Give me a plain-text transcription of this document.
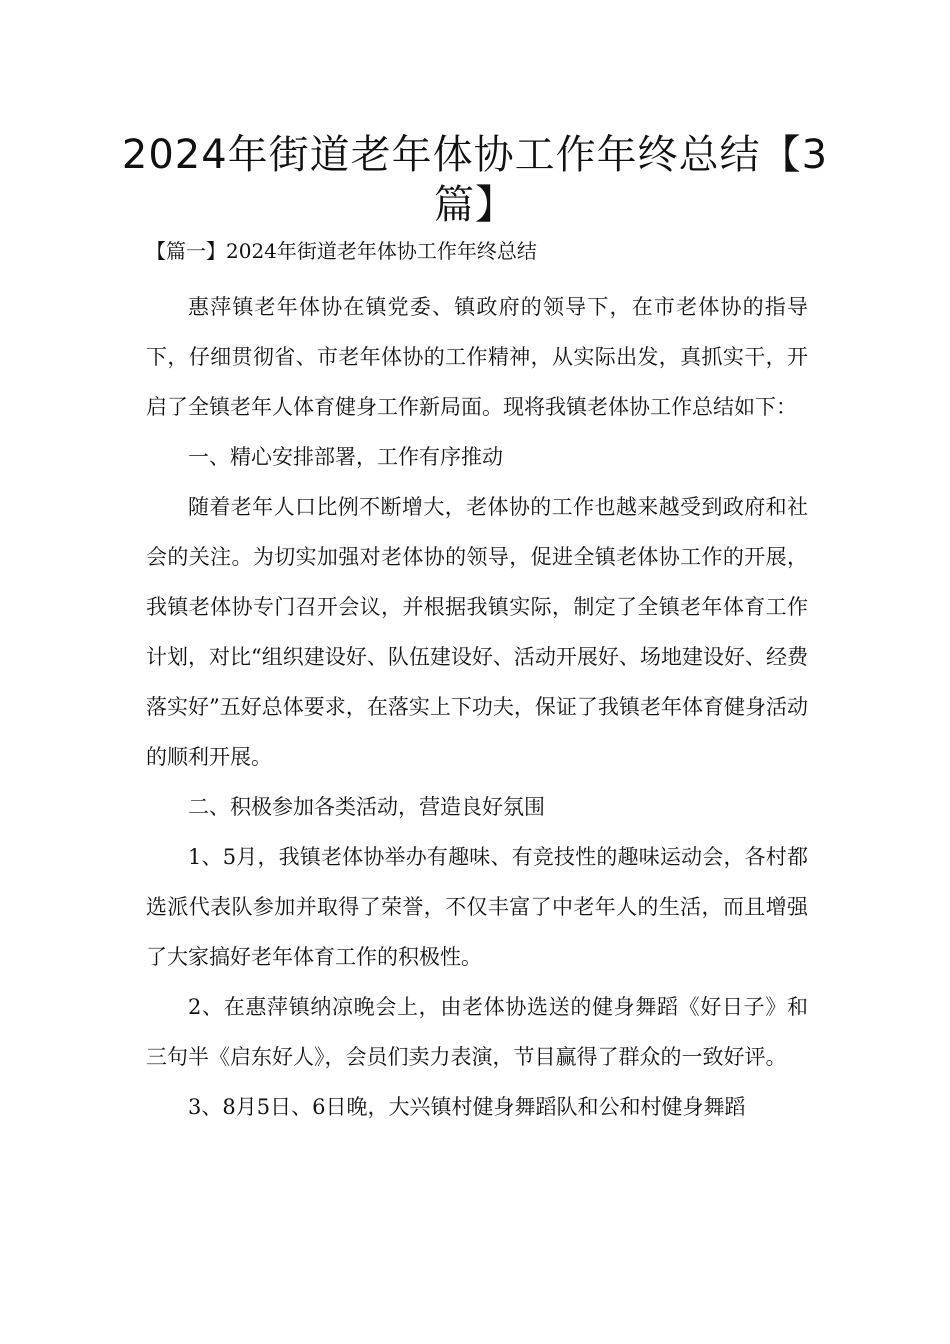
2024年街道老年体协工作年终总结【3篇】
【篇一】2024年街道老年体协工作年终总结

惠萍镇老年体协在镇党委、镇政府的领导下，在市老体协的指导下，仔细贯彻省、市老年体协的工作精神，从实际出发，真抓实干，开启了全镇老年人体育健身工作新局面。现将我镇老体协工作总结如下：

一、精心安排部署，工作有序推动

随着老年人口比例不断增大，老体协的工作也越来越受到政府和社会的关注。为切实加强对老体协的领导，促进全镇老体协工作的开展，我镇老体协专门召开会议，并根据我镇实际，制定了全镇老年体育工作计划，对比“组织建设好、队伍建设好、活动开展好、场地建设好、经费落实好”五好总体要求，在落实上下功夫，保证了我镇老年体育健身活动的顺利开展。

二、积极参加各类活动，营造良好氛围

1、5月，我镇老体协举办有趣味、有竞技性的趣味运动会，各村都选派代表队参加并取得了荣誉，不仅丰富了中老年人的生活，而且增强了大家搞好老年体育工作的积极性。

2、在惠萍镇纳凉晚会上，由老体协选送的健身舞蹈《好日子》和三句半《启东好人》，会员们卖力表演，节目赢得了群众的一致好评。

3、8月5日、6日晚，大兴镇村健身舞蹈队和公和村健身舞蹈
